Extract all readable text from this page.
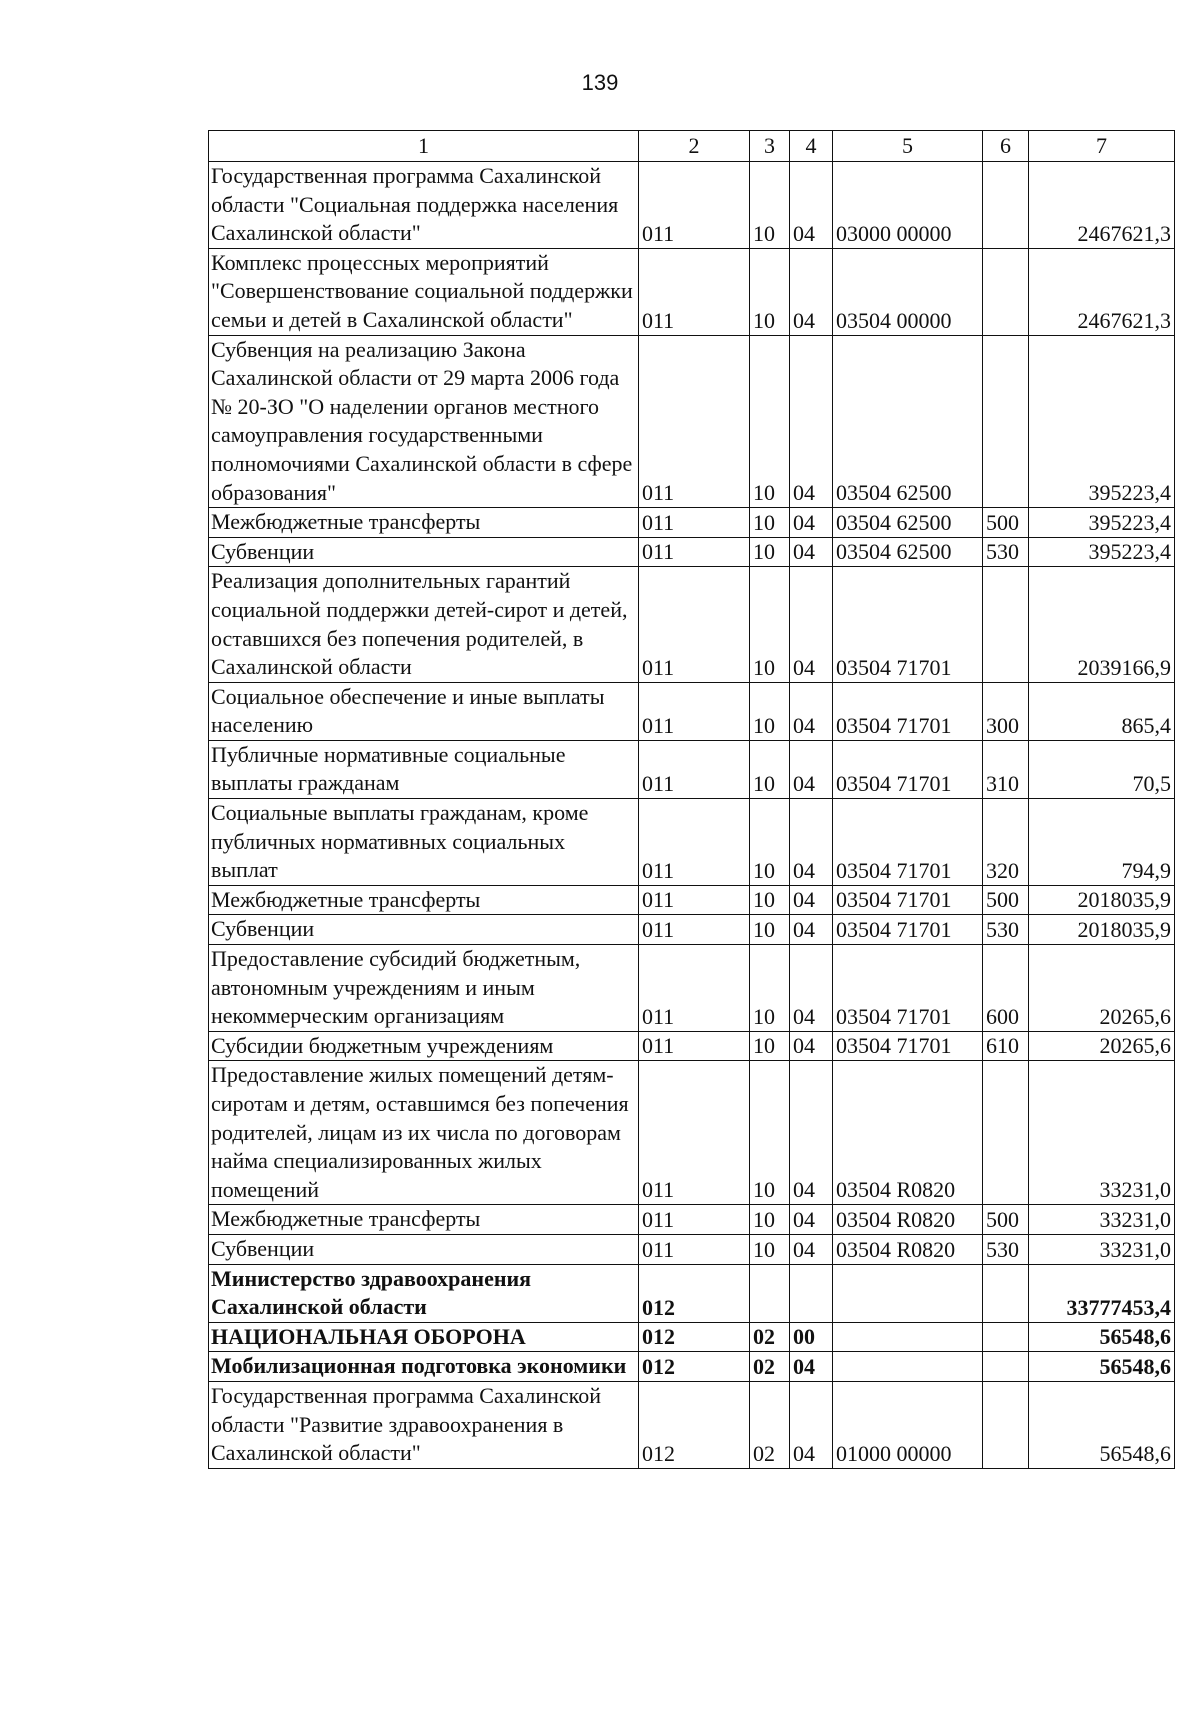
139
1	2	3	4	5	6	7
Государственная программа Сахалинской области "Социальная поддержка населения Сахалинской области"	011	10	04	03000 00000		2467621,3
Комплекс процессных мероприятий "Совершенствование социальной поддержки семьи и детей в Сахалинской области"	011	10	04	03504 00000		2467621,3
Субвенция на реализацию Закона Сахалинской области от 29 марта 2006 года № 20-ЗО "О наделении органов местного самоуправления государственными полномочиями Сахалинской области в сфере образования"	011	10	04	03504 62500		395223,4
Межбюджетные трансферты	011	10	04	03504 62500	500	395223,4
Субвенции	011	10	04	03504 62500	530	395223,4
Реализация дополнительных гарантий социальной поддержки детей-сирот и детей, оставшихся без попечения родителей, в Сахалинской области	011	10	04	03504 71701		2039166,9
Социальное обеспечение и иные выплаты населению	011	10	04	03504 71701	300	865,4
Публичные нормативные социальные выплаты гражданам	011	10	04	03504 71701	310	70,5
Социальные выплаты гражданам, кроме публичных нормативных социальных выплат	011	10	04	03504 71701	320	794,9
Межбюджетные трансферты	011	10	04	03504 71701	500	2018035,9
Субвенции	011	10	04	03504 71701	530	2018035,9
Предоставление субсидий бюджетным, автономным учреждениям и иным некоммерческим организациям	011	10	04	03504 71701	600	20265,6
Субсидии бюджетным учреждениям	011	10	04	03504 71701	610	20265,6
Предоставление жилых помещений детям-сиротам и детям, оставшимся без попечения родителей, лицам из их числа по договорам найма специализированных жилых помещений	011	10	04	03504 R0820		33231,0
Межбюджетные трансферты	011	10	04	03504 R0820	500	33231,0
Субвенции	011	10	04	03504 R0820	530	33231,0
Министерство здравоохранения Сахалинской области	012					33777453,4
НАЦИОНАЛЬНАЯ ОБОРОНА	012	02	00			56548,6
Мобилизационная подготовка экономики	012	02	04			56548,6
Государственная программа Сахалинской области "Развитие здравоохранения в Сахалинской области"	012	02	04	01000 00000		56548,6
